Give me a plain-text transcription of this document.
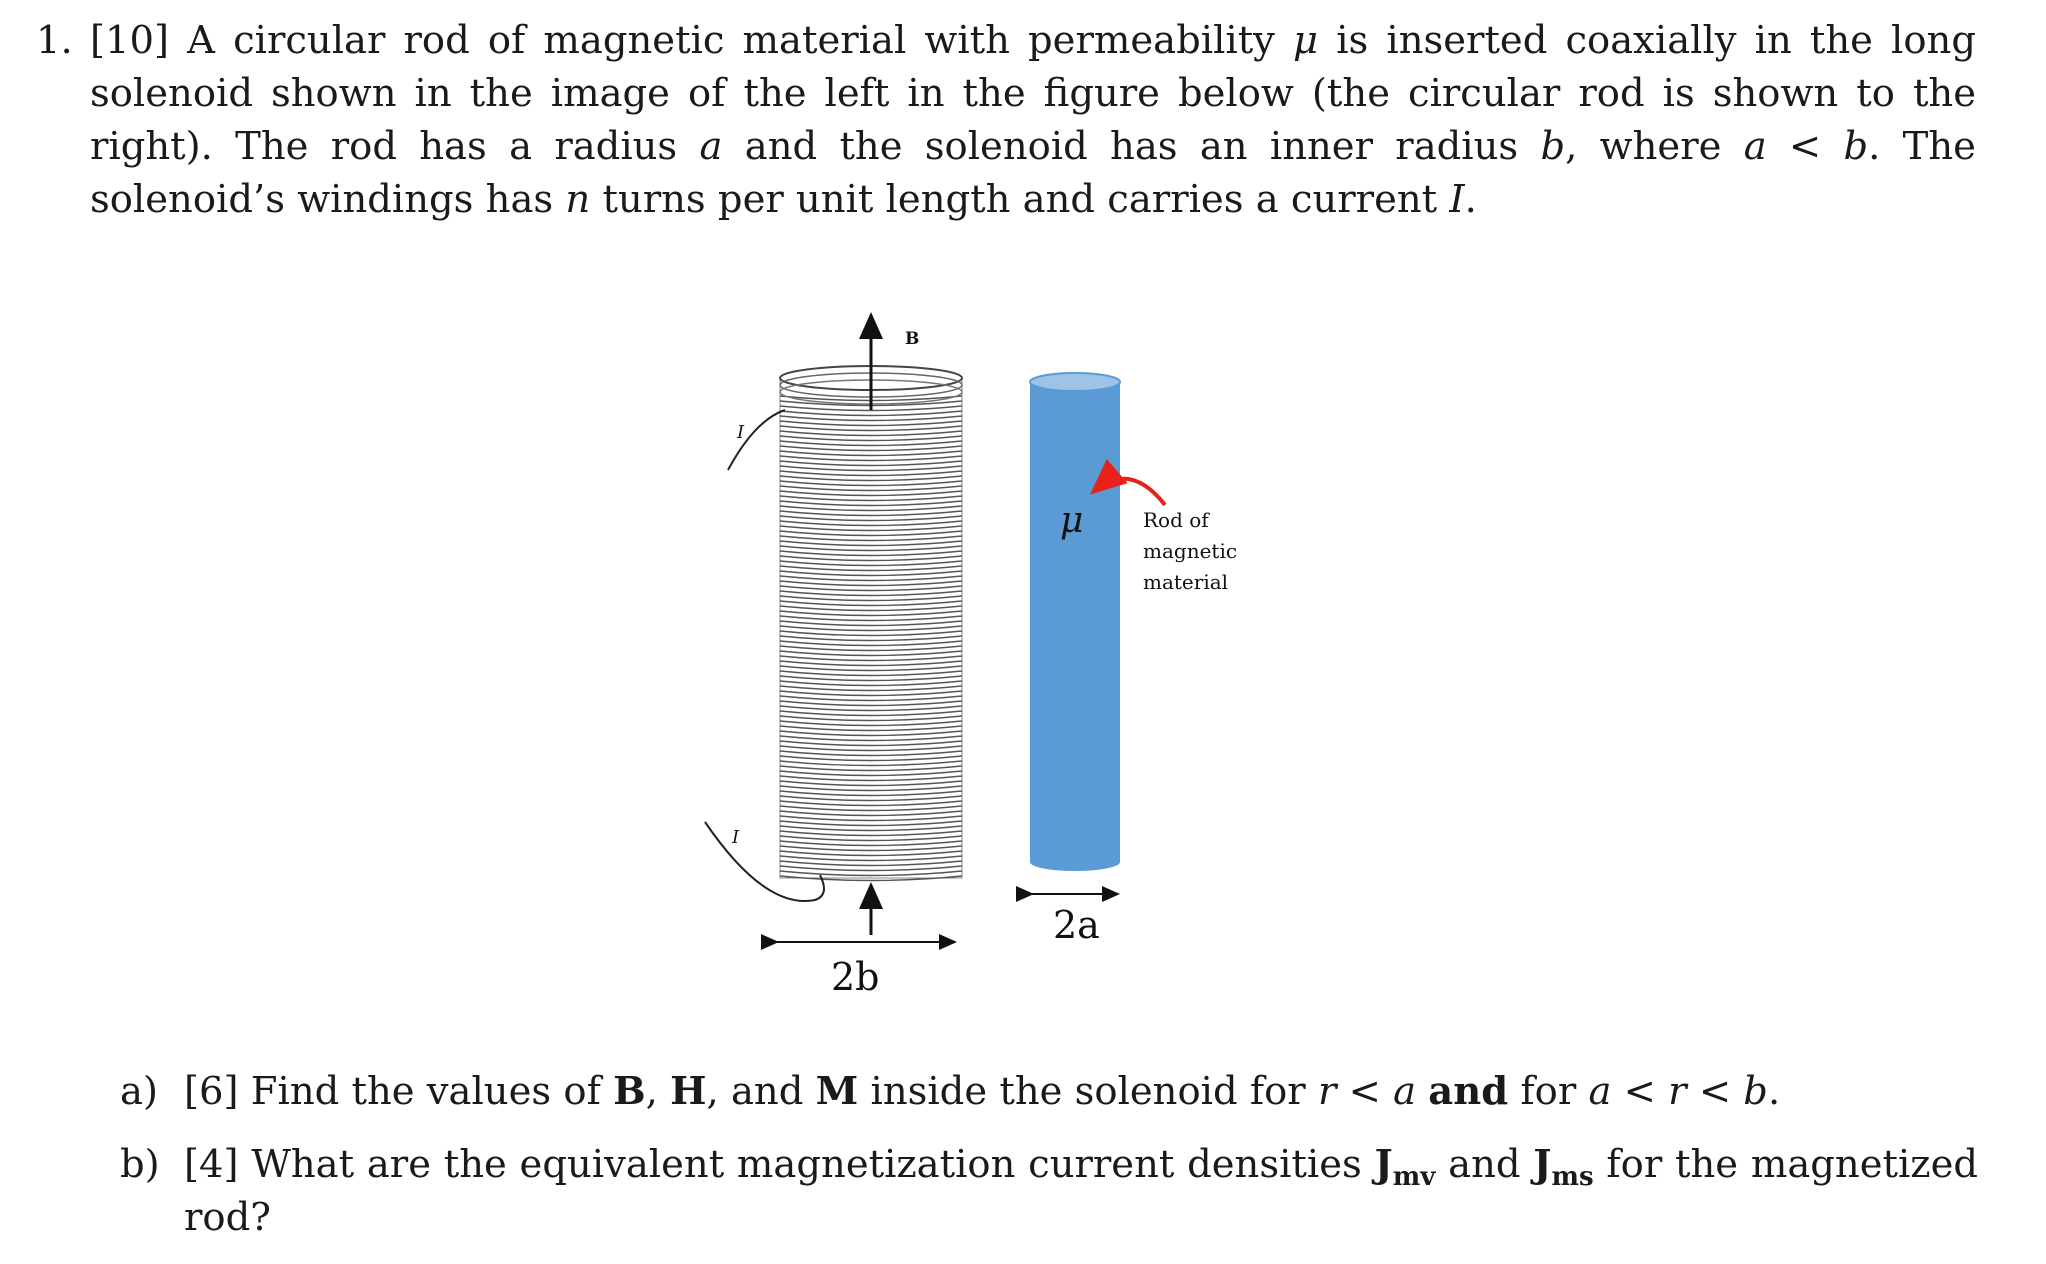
1. [10] A circular rod of magnetic material with permeability μ is inserted coaxially in the long solenoid shown in the image of the left in the figure below (the circular rod is shown to the right). The rod has a radius a and the solenoid has an inner radius b, where a < b. The solenoid’s windings has n turns per unit length and carries a current I.
B
I
I
2b
μ	Rod of magnetic material
2a
a) [6] Find the values of B, H, and M inside the solenoid for r < a and for a < r < b.
b) [4] What are the equivalent magnetization current densities $J_{mv}$ and $J_{ms}$ for the magnetized rod?
